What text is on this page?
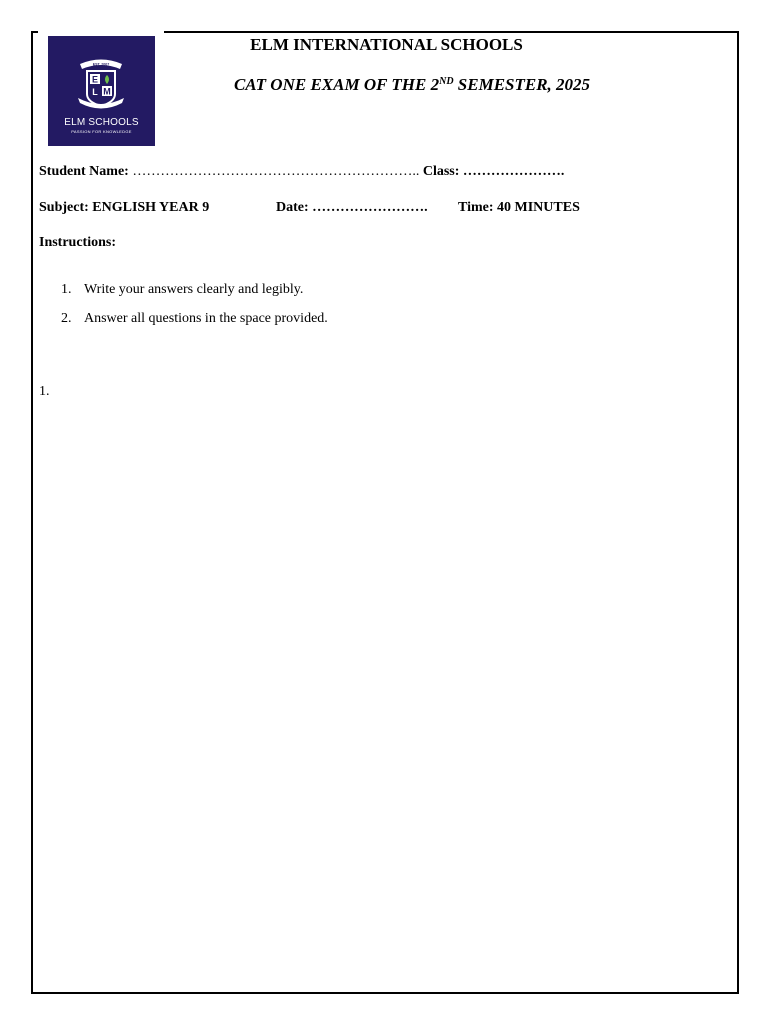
EST. 2007
E
L M
ELM SCHOOLS
PASSION FOR KNOWLEDGE
ELM INTERNATIONAL SCHOOLS
CAT ONE EXAM OF THE 2ND SEMESTER, 2025
Student Name: …………………………………………………….. Class: ………………….
Subject: ENGLISH YEAR 9	Date: ……………………. Time: 40 MINUTES
Instructions:
1. Write your answers clearly and legibly.
2. Answer all questions in the space provided.
1.
